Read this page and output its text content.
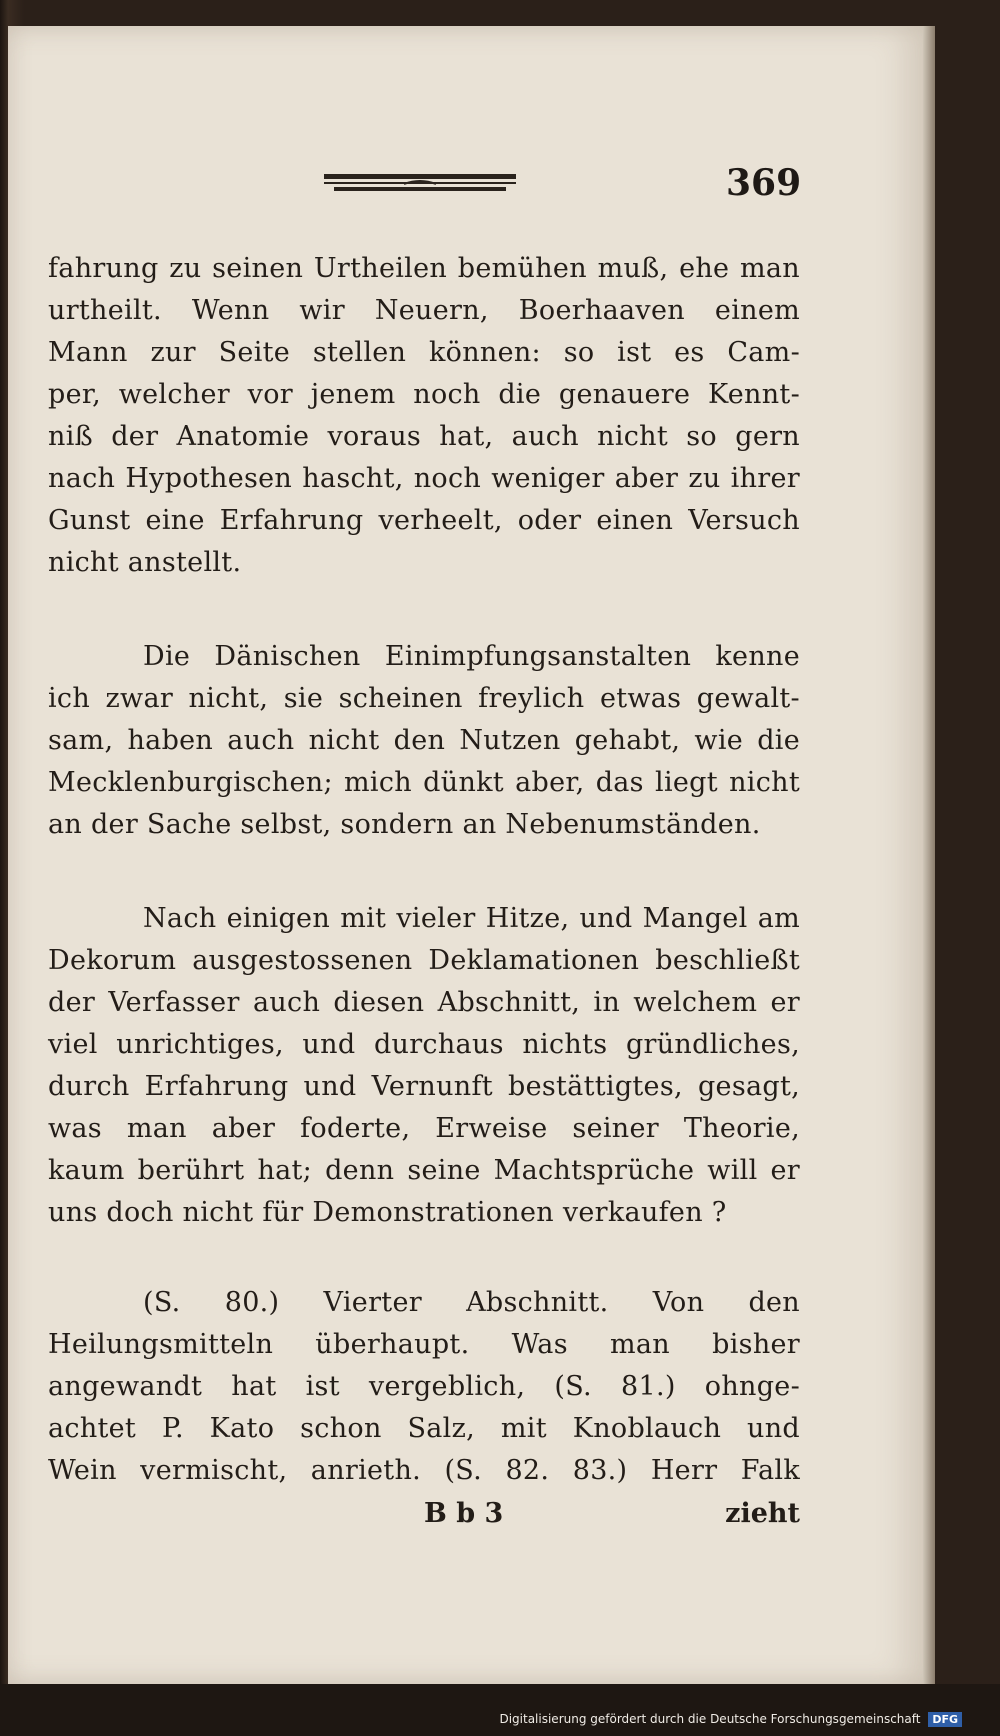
369
fahrung zu seinen Urtheilen bemühen muß, ehe man
urtheilt. Wenn wir Neuern, Boerhaaven einem
Mann zur Seite stellen können: so ist es Cam-
per, welcher vor jenem noch die genauere Kennt-
niß der Anatomie voraus hat, auch nicht so gern
nach Hypothesen hascht, noch weniger aber zu ihrer
Gunst eine Erfahrung verheelt, oder einen Versuch
nicht anstellt.
Die Dänischen Einimpfungsanstalten kenne
ich zwar nicht, sie scheinen freylich etwas gewalt-
sam, haben auch nicht den Nutzen gehabt, wie die
Mecklenburgischen; mich dünkt aber, das liegt nicht
an der Sache selbst, sondern an Nebenumständen.
Nach einigen mit vieler Hitze, und Mangel am
Dekorum ausgestossenen Deklamationen beschließt
der Verfasser auch diesen Abschnitt, in welchem er
viel unrichtiges, und durchaus nichts gründliches,
durch Erfahrung und Vernunft bestättigtes, gesagt,
was man aber foderte, Erweise seiner Theorie,
kaum berührt hat; denn seine Machtsprüche will er
uns doch nicht für Demonstrationen verkaufen ?
(S. 80.) Vierter Abschnitt. Von den
Heilungsmitteln überhaupt. Was man bisher
angewandt hat ist vergeblich, (S. 81.) ohnge-
achtet P. Kato schon Salz, mit Knoblauch und
Wein vermischt, anrieth. (S. 82. 83.) Herr Falk
B b 3	zieht
Digitalisierung gefördert durch die Deutsche Forschungsgemeinschaft DFG
